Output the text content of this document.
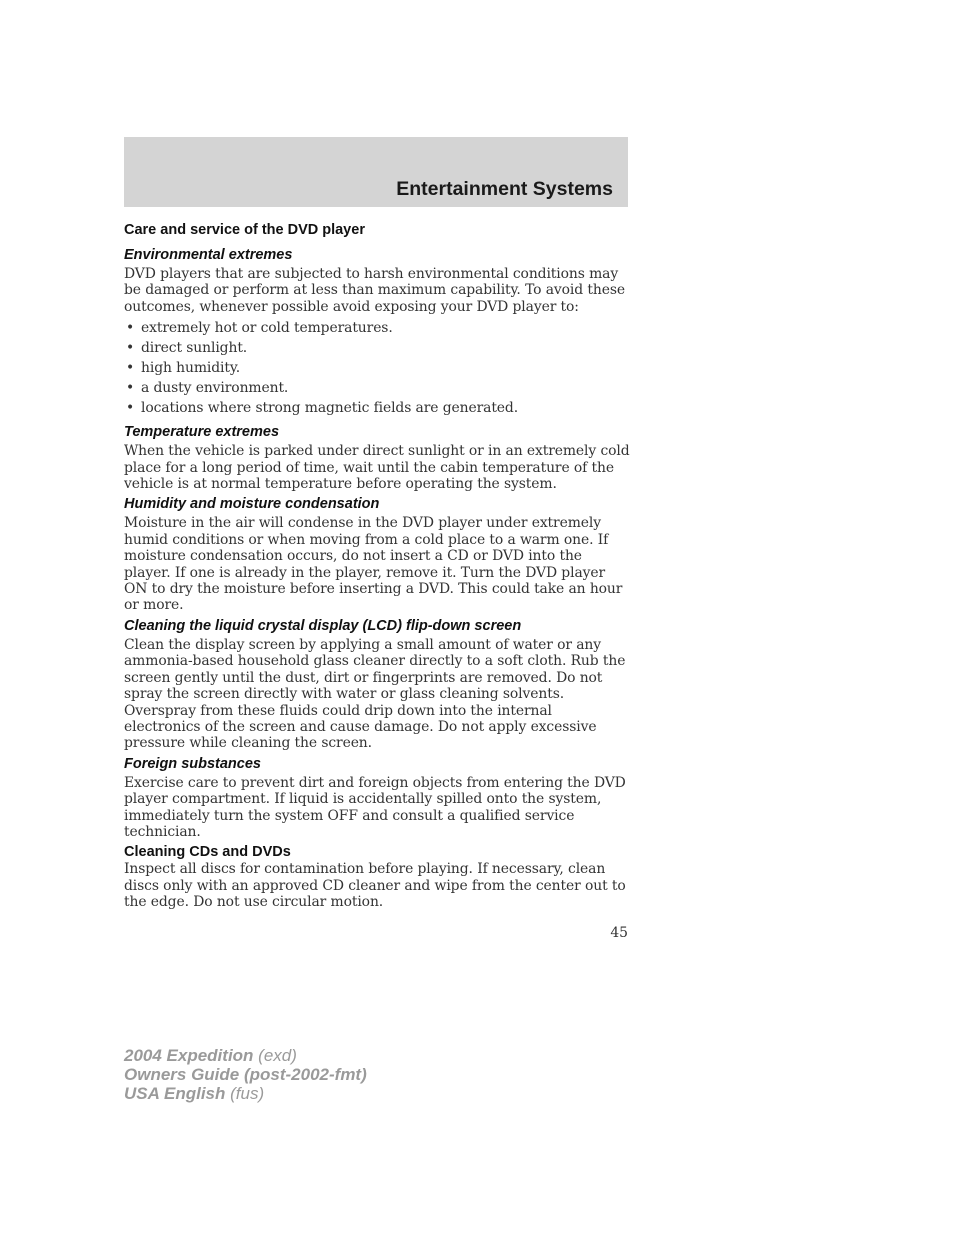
Entertainment Systems
Care and service of the DVD player
Environmental extremes
DVD players that are subjected to harsh environmental conditions may be damaged or perform at less than maximum capability. To avoid these outcomes, whenever possible avoid exposing your DVD player to:
• extremely hot or cold temperatures.
• direct sunlight.
• high humidity.
• a dusty environment.
• locations where strong magnetic fields are generated.
Temperature extremes
When the vehicle is parked under direct sunlight or in an extremely cold place for a long period of time, wait until the cabin temperature of the vehicle is at normal temperature before operating the system.
Humidity and moisture condensation
Moisture in the air will condense in the DVD player under extremely humid conditions or when moving from a cold place to a warm one. If moisture condensation occurs, do not insert a CD or DVD into the player. If one is already in the player, remove it. Turn the DVD player ON to dry the moisture before inserting a DVD. This could take an hour or more.
Cleaning the liquid crystal display (LCD) flip-down screen
Clean the display screen by applying a small amount of water or any ammonia-based household glass cleaner directly to a soft cloth. Rub the screen gently until the dust, dirt or fingerprints are removed. Do not spray the screen directly with water or glass cleaning solvents. Overspray from these fluids could drip down into the internal electronics of the screen and cause damage. Do not apply excessive pressure while cleaning the screen.
Foreign substances
Exercise care to prevent dirt and foreign objects from entering the DVD player compartment. If liquid is accidentally spilled onto the system, immediately turn the system OFF and consult a qualified service technician.
Cleaning CDs and DVDs
Inspect all discs for contamination before playing. If necessary, clean discs only with an approved CD cleaner and wipe from the center out to the edge. Do not use circular motion.
45
2004 Expedition (exd)
Owners Guide (post-2002-fmt)
USA English (fus)
